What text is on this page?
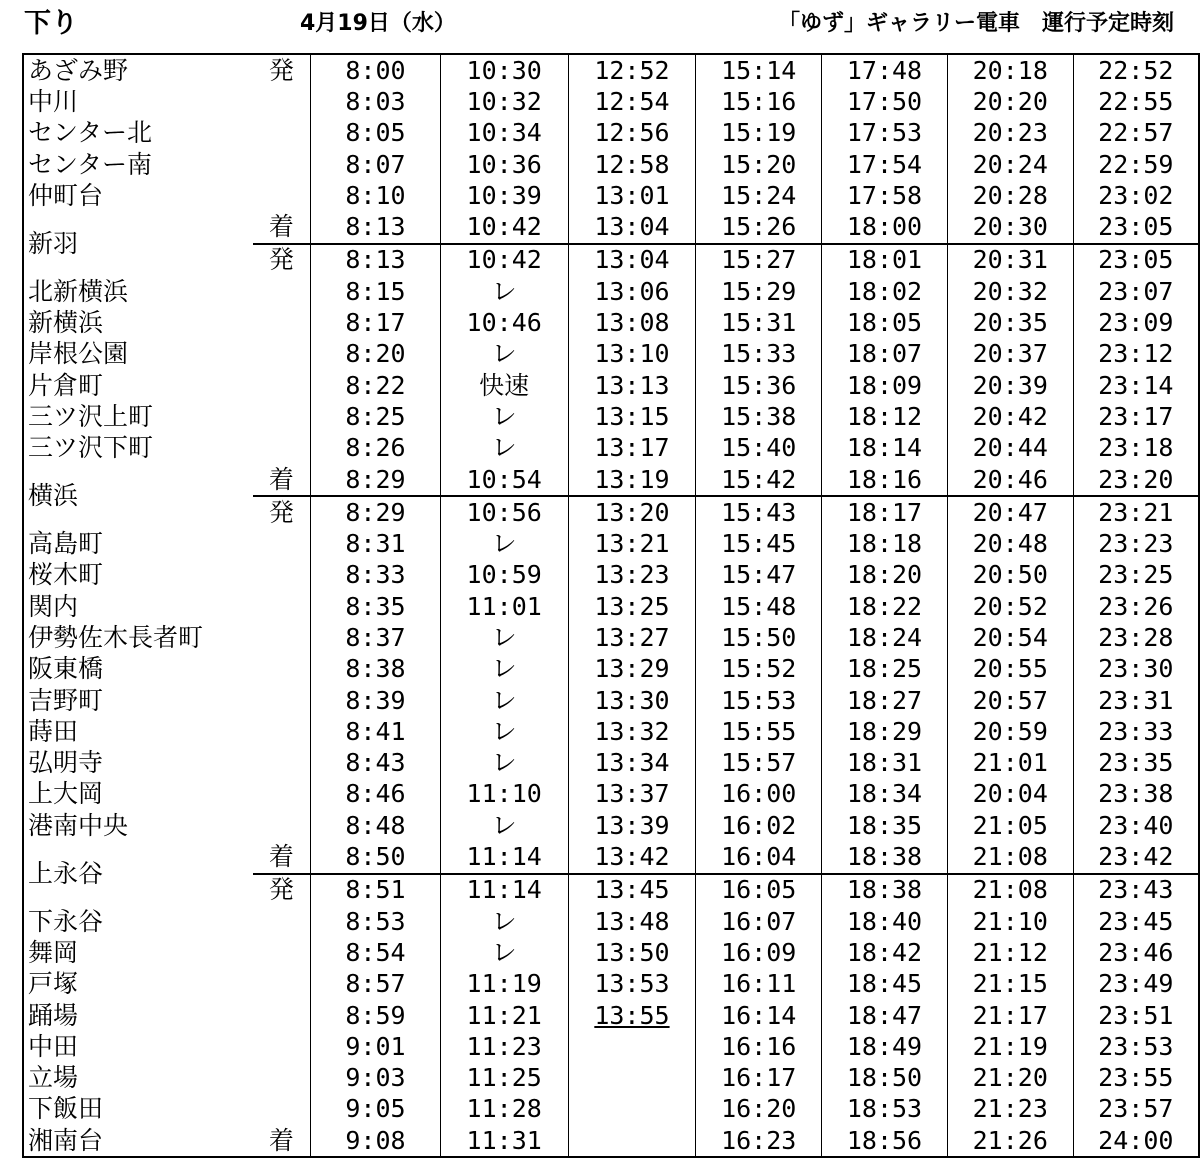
下り	4月19日（水）	「ゆず」ギャラリー電車　運行予定時刻
あざみ野	発	8:00	10:30	12:52	15:14	17:48	20:18	22:52
中川		8:03	10:32	12:54	15:16	17:50	20:20	22:55
センター北		8:05	10:34	12:56	15:19	17:53	20:23	22:57
センター南		8:07	10:36	12:58	15:20	17:54	20:24	22:59
仲町台		8:10	10:39	13:01	15:24	17:58	20:28	23:02
新羽	着	8:13	10:42	13:04	15:26	18:00	20:30	23:05
	発	8:13	10:42	13:04	15:27	18:01	20:31	23:05
北新横浜		8:15	レ	13:06	15:29	18:02	20:32	23:07
新横浜		8:17	10:46	13:08	15:31	18:05	20:35	23:09
岸根公園		8:20	レ	13:10	15:33	18:07	20:37	23:12
片倉町		8:22	快速	13:13	15:36	18:09	20:39	23:14
三ツ沢上町		8:25	レ	13:15	15:38	18:12	20:42	23:17
三ツ沢下町		8:26	レ	13:17	15:40	18:14	20:44	23:18
横浜	着	8:29	10:54	13:19	15:42	18:16	20:46	23:20
	発	8:29	10:56	13:20	15:43	18:17	20:47	23:21
高島町		8:31	レ	13:21	15:45	18:18	20:48	23:23
桜木町		8:33	10:59	13:23	15:47	18:20	20:50	23:25
関内		8:35	11:01	13:25	15:48	18:22	20:52	23:26
伊勢佐木長者町		8:37	レ	13:27	15:50	18:24	20:54	23:28
阪東橋		8:38	レ	13:29	15:52	18:25	20:55	23:30
吉野町		8:39	レ	13:30	15:53	18:27	20:57	23:31
蒔田		8:41	レ	13:32	15:55	18:29	20:59	23:33
弘明寺		8:43	レ	13:34	15:57	18:31	21:01	23:35
上大岡		8:46	11:10	13:37	16:00	18:34	20:04	23:38
港南中央		8:48	レ	13:39	16:02	18:35	21:05	23:40
上永谷	着	8:50	11:14	13:42	16:04	18:38	21:08	23:42
	発	8:51	11:14	13:45	16:05	18:38	21:08	23:43
下永谷		8:53	レ	13:48	16:07	18:40	21:10	23:45
舞岡		8:54	レ	13:50	16:09	18:42	21:12	23:46
戸塚		8:57	11:19	13:53	16:11	18:45	21:15	23:49
踊場		8:59	11:21	13:55	16:14	18:47	21:17	23:51
中田		9:01	11:23		16:16	18:49	21:19	23:53
立場		9:03	11:25		16:17	18:50	21:20	23:55
下飯田		9:05	11:28		16:20	18:53	21:23	23:57
湘南台	着	9:08	11:31		16:23	18:56	21:26	24:00
